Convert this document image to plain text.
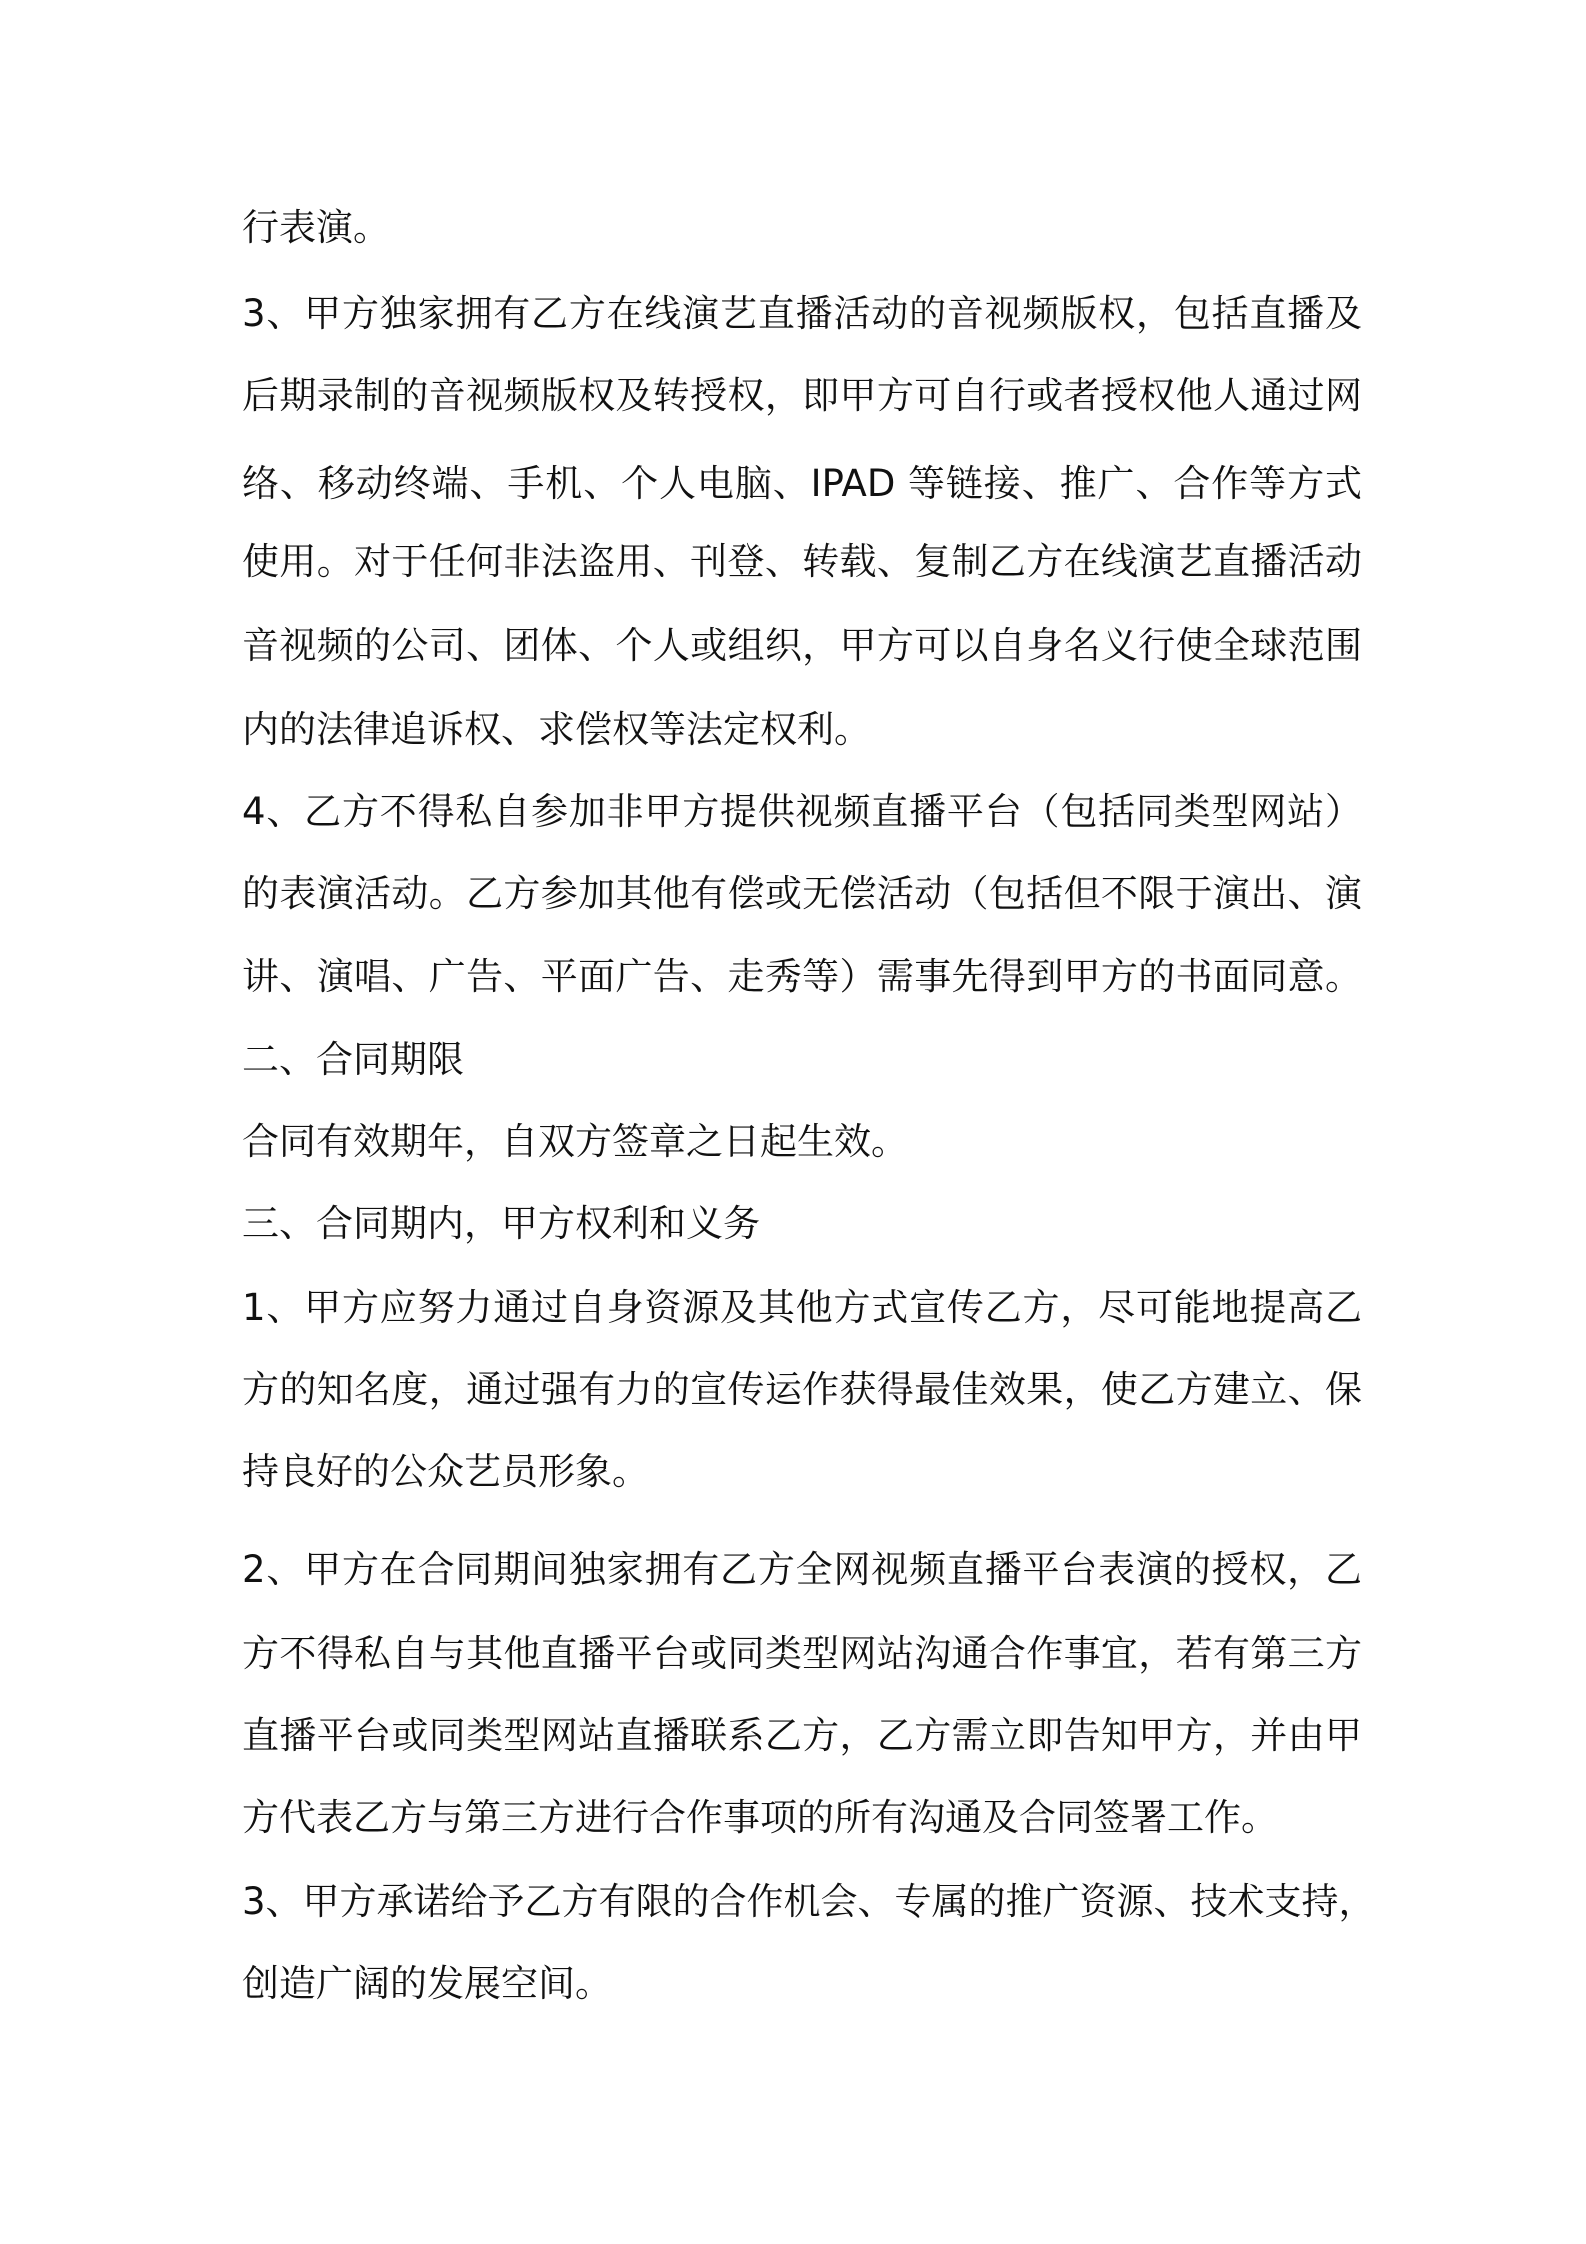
行表演。
3、甲方独家拥有乙方在线演艺直播活动的音视频版权，包括直播及
后期录制的音视频版权及转授权，即甲方可自行或者授权他人通过网
络、移动终端、手机、个人电脑、IPAD 等链接、推广、合作等方式
使用。对于任何非法盗用、刊登、转载、复制乙方在线演艺直播活动
音视频的公司、团体、个人或组织，甲方可以自身名义行使全球范围
内的法律追诉权、求偿权等法定权利。
4、乙方不得私自参加非甲方提供视频直播平台（包括同类型网站）
的表演活动。乙方参加其他有偿或无偿活动（包括但不限于演出、演
讲、演唱、广告、平面广告、走秀等）需事先得到甲方的书面同意。
二、合同期限
合同有效期年，自双方签章之日起生效。
三、合同期内，甲方权利和义务
1、甲方应努力通过自身资源及其他方式宣传乙方，尽可能地提高乙
方的知名度，通过强有力的宣传运作获得最佳效果，使乙方建立、保
持良好的公众艺员形象。
2、甲方在合同期间独家拥有乙方全网视频直播平台表演的授权，乙
方不得私自与其他直播平台或同类型网站沟通合作事宜，若有第三方
直播平台或同类型网站直播联系乙方，乙方需立即告知甲方，并由甲
方代表乙方与第三方进行合作事项的所有沟通及合同签署工作。
3、甲方承诺给予乙方有限的合作机会、专属的推广资源、技术支持，
创造广阔的发展空间。
